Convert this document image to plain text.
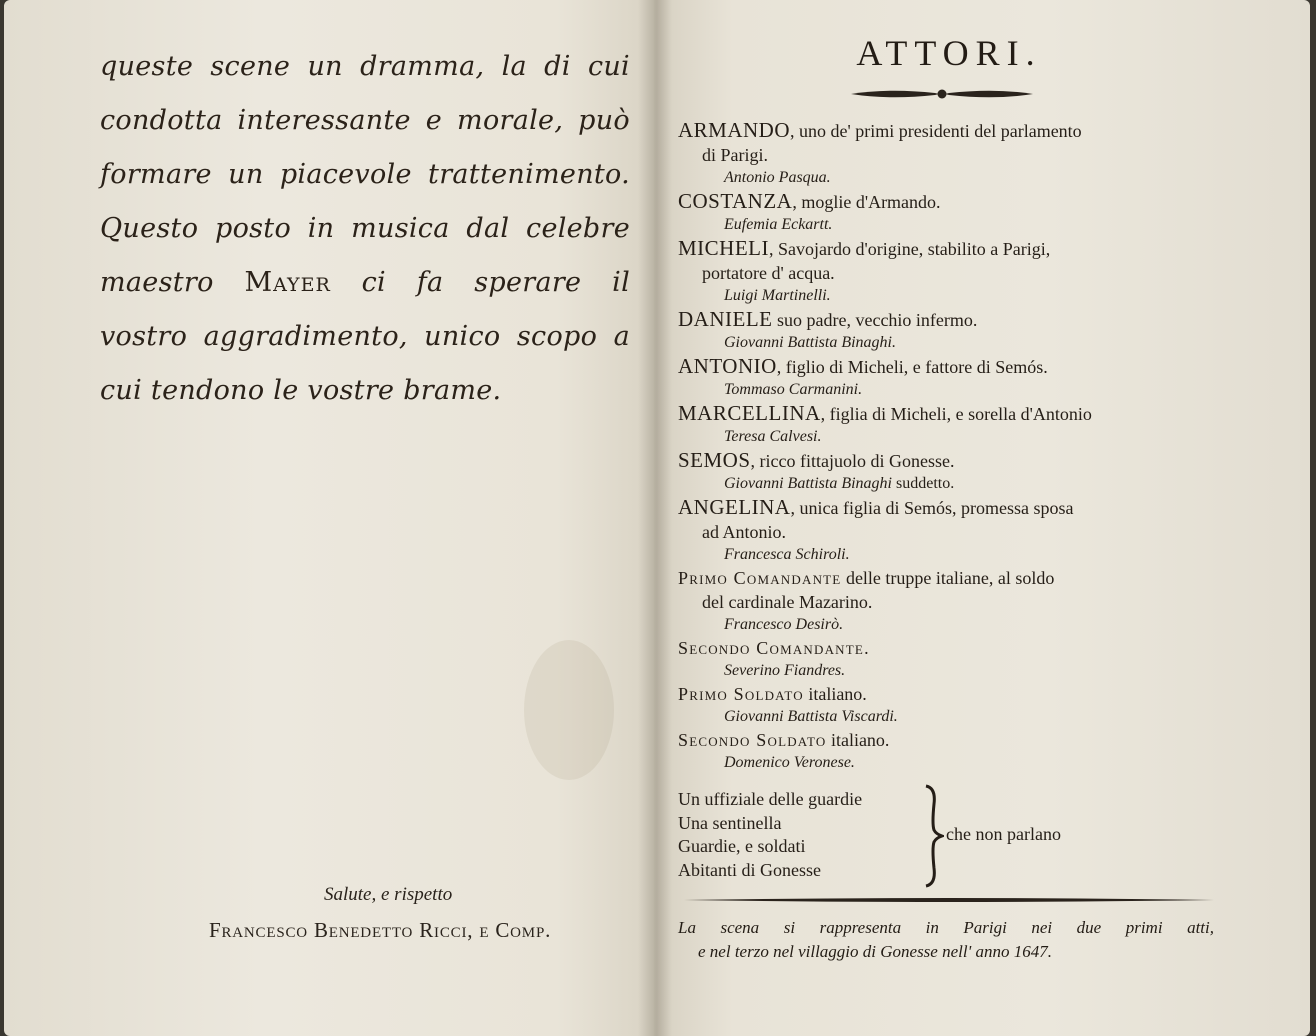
queste scene un dramma, la di cui
condotta interessante e morale, può
formare un piacevole trattenimento.
Questo posto in musica dal celebre
maestro Mayer ci fa sperare il
vostro aggradimento, unico scopo a
cui tendono le vostre brame.
Salute, e rispetto
Francesco Benedetto Ricci, e Comp.
ATTORI.
ARMANDO, uno de' primi presidenti del parlamento
di Parigi.
Antonio Pasqua.
COSTANZA, moglie d'Armando.
Eufemia Eckartt.
MICHELI, Savojardo d'origine, stabilito a Parigi,
portatore d' acqua.
Luigi Martinelli.
DANIELE suo padre, vecchio infermo.
Giovanni Battista Binaghi.
ANTONIO, figlio di Micheli, e fattore di Semós.
Tommaso Carmanini.
MARCELLINA, figlia di Micheli, e sorella d'Antonio
Teresa Calvesi.
SEMOS, ricco fittajuolo di Gonesse.
Giovanni Battista Binaghi suddetto.
ANGELINA, unica figlia di Semós, promessa sposa
ad Antonio.
Francesca Schiroli.
Primo Comandante delle truppe italiane, al soldo
del cardinale Mazarino.
Francesco Desirò.
Secondo Comandante.
Severino Fiandres.
Primo Soldato italiano.
Giovanni Battista Viscardi.
Secondo Soldato italiano.
Domenico Veronese.
Un uffiziale delle guardie
Una sentinella
Guardie, e soldati
Abitanti di Gonesse
che non parlano
La scena si rappresenta in Parigi nei due primi atti,
e nel terzo nel villaggio di Gonesse nell' anno 1647.
